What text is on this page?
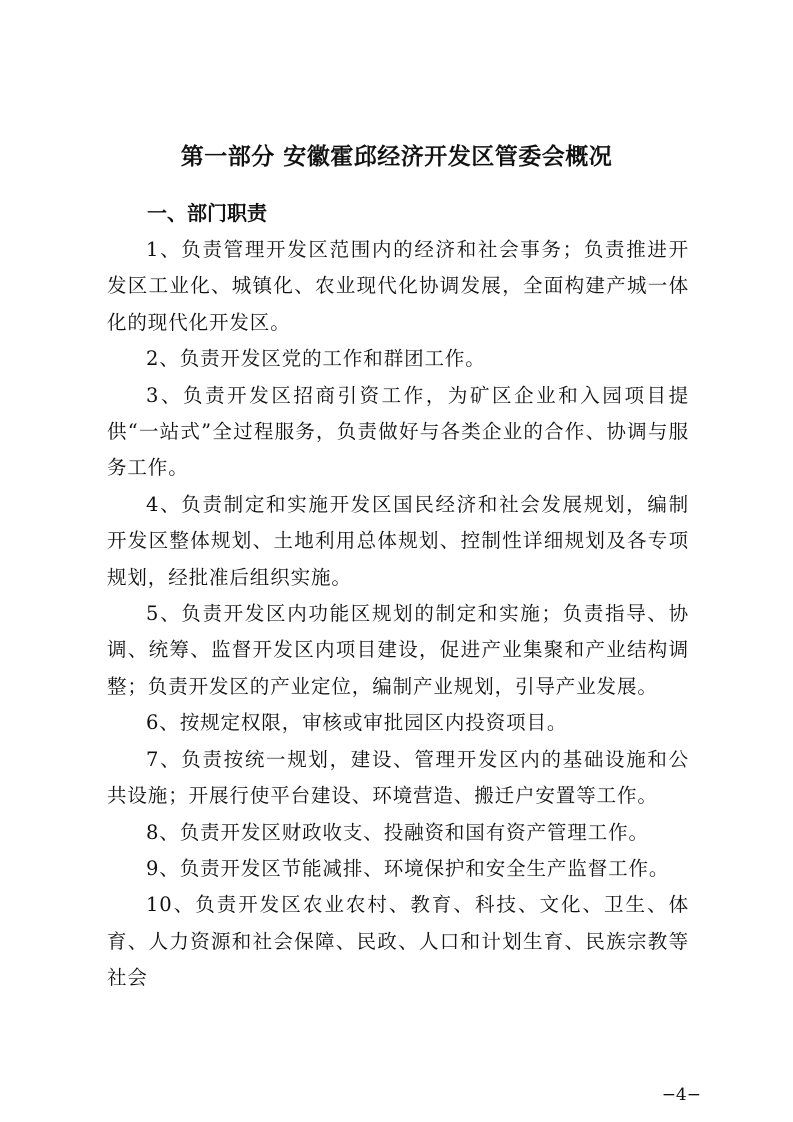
第一部分 安徽霍邱经济开发区管委会概况
一、部门职责

1、负责管理开发区范围内的经济和社会事务；负责推进开发区工业化、城镇化、农业现代化协调发展，全面构建产城一体化的现代化开发区。

2、负责开发区党的工作和群团工作。

3、负责开发区招商引资工作，为矿区企业和入园项目提供“一站式”全过程服务，负责做好与各类企业的合作、协调与服务工作。

4、负责制定和实施开发区国民经济和社会发展规划，编制开发区整体规划、土地利用总体规划、控制性详细规划及各专项规划，经批准后组织实施。

5、负责开发区内功能区规划的制定和实施；负责指导、协调、统筹、监督开发区内项目建设，促进产业集聚和产业结构调整；负责开发区的产业定位，编制产业规划，引导产业发展。

6、按规定权限，审核或审批园区内投资项目。

7、负责按统一规划，建设、管理开发区内的基础设施和公共设施；开展行使平台建设、环境营造、搬迁户安置等工作。

8、负责开发区财政收支、投融资和国有资产管理工作。

9、负责开发区节能减排、环境保护和安全生产监督工作。

10、负责开发区农业农村、教育、科技、文化、卫生、体育、人力资源和社会保障、民政、人口和计划生育、民族宗教等社会

−4−
